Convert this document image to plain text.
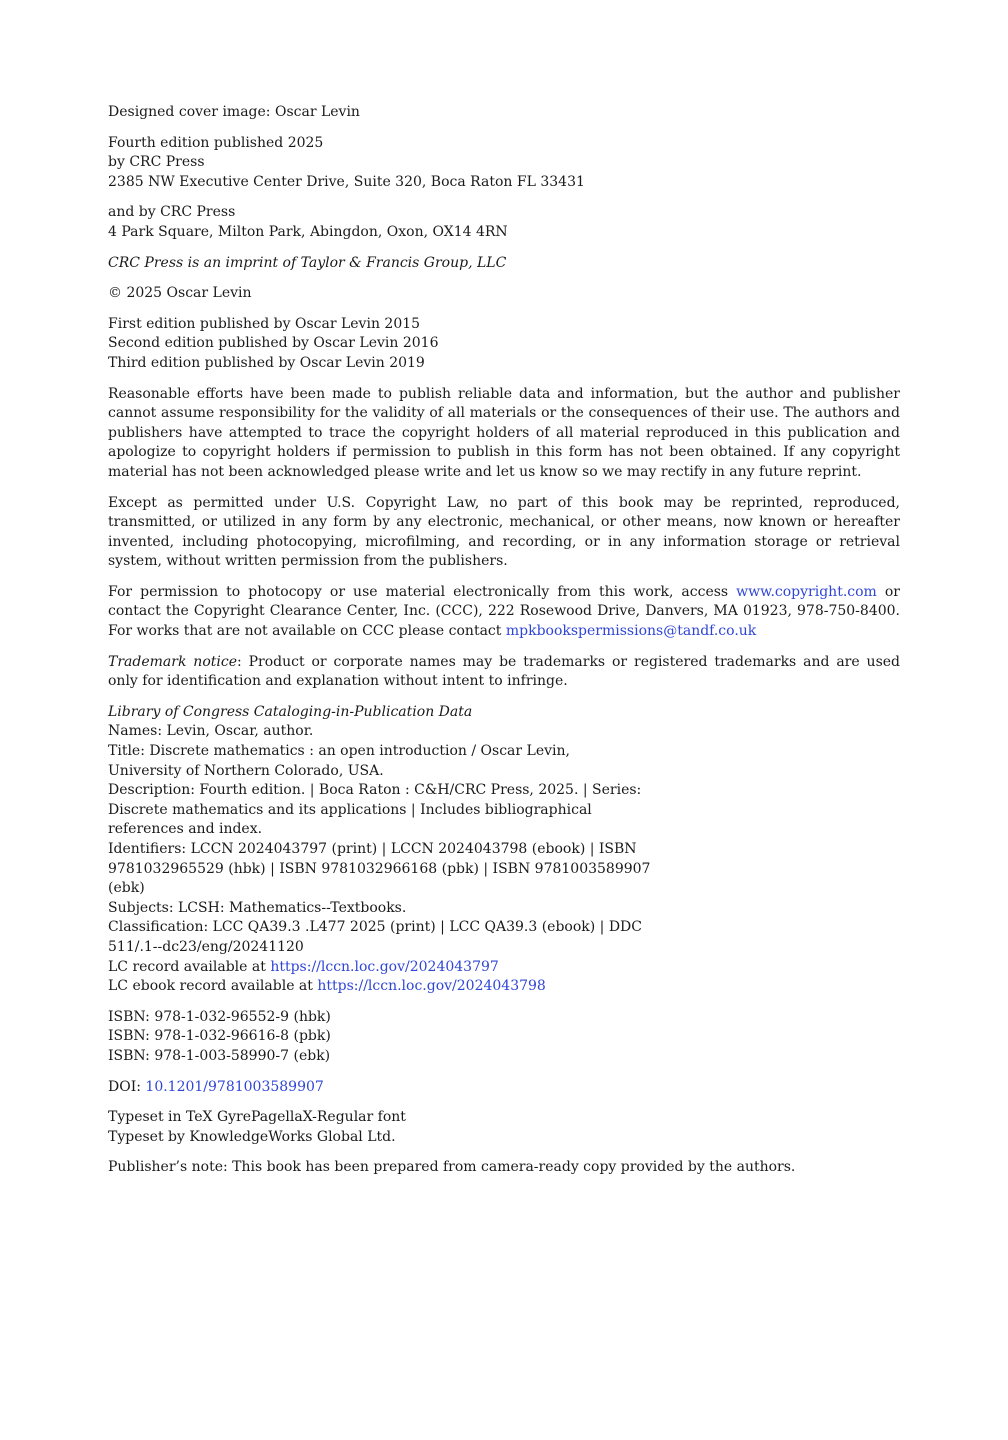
Designed cover image: Oscar Levin
Fourth edition published 2025
by CRC Press
2385 NW Executive Center Drive, Suite 320, Boca Raton FL 33431
and by CRC Press
4 Park Square, Milton Park, Abingdon, Oxon, OX14 4RN
CRC Press is an imprint of Taylor & Francis Group, LLC
© 2025 Oscar Levin
First edition published by Oscar Levin 2015
Second edition published by Oscar Levin 2016
Third edition published by Oscar Levin 2019

Reasonable efforts have been made to publish reliable data and information, but the author and publisher cannot assume responsibility for the validity of all materials or the consequences of their use. The authors and publishers have attempted to trace the copyright holders of all material reproduced in this publication and apologize to copyright holders if permission to publish in this form has not been obtained. If any copyright material has not been acknowledged please write and let us know so we may rectify in any future reprint.

Except as permitted under U.S. Copyright Law, no part of this book may be reprinted, reproduced, transmitted, or utilized in any form by any electronic, mechanical, or other means, now known or hereafter invented, including photocopying, microfilming, and recording, or in any information storage or retrieval system, without written permission from the publishers.

For permission to photocopy or use material electronically from this work, access www.copyright.com or contact the Copyright Clearance Center, Inc. (CCC), 222 Rosewood Drive, Danvers, MA 01923, 978-750-8400. For works that are not available on CCC please contact mpkbookspermissions@tandf.co.uk

Trademark notice: Product or corporate names may be trademarks or registered trademarks and are used only for identification and explanation without intent to infringe.

Library of Congress Cataloging-in-Publication Data
Names: Levin, Oscar, author.
Title: Discrete mathematics : an open introduction / Oscar Levin,
University of Northern Colorado, USA.
Description: Fourth edition. | Boca Raton : C&H/CRC Press, 2025. | Series:
Discrete mathematics and its applications | Includes bibliographical
references and index.
Identifiers: LCCN 2024043797 (print) | LCCN 2024043798 (ebook) | ISBN
9781032965529 (hbk) | ISBN 9781032966168 (pbk) | ISBN 9781003589907
(ebk)
Subjects: LCSH: Mathematics--Textbooks.
Classification: LCC QA39.3 .L477 2025 (print) | LCC QA39.3 (ebook) | DDC
511/.1--dc23/eng/20241120
LC record available at https://lccn.loc.gov/2024043797
LC ebook record available at https://lccn.loc.gov/2024043798
ISBN: 978-1-032-96552-9 (hbk)
ISBN: 978-1-032-96616-8 (pbk)
ISBN: 978-1-003-58990-7 (ebk)
DOI: 10.1201/9781003589907
Typeset in TeX GyrePagellaX-Regular font
Typeset by KnowledgeWorks Global Ltd.
Publisher’s note: This book has been prepared from camera-ready copy provided by the authors.
